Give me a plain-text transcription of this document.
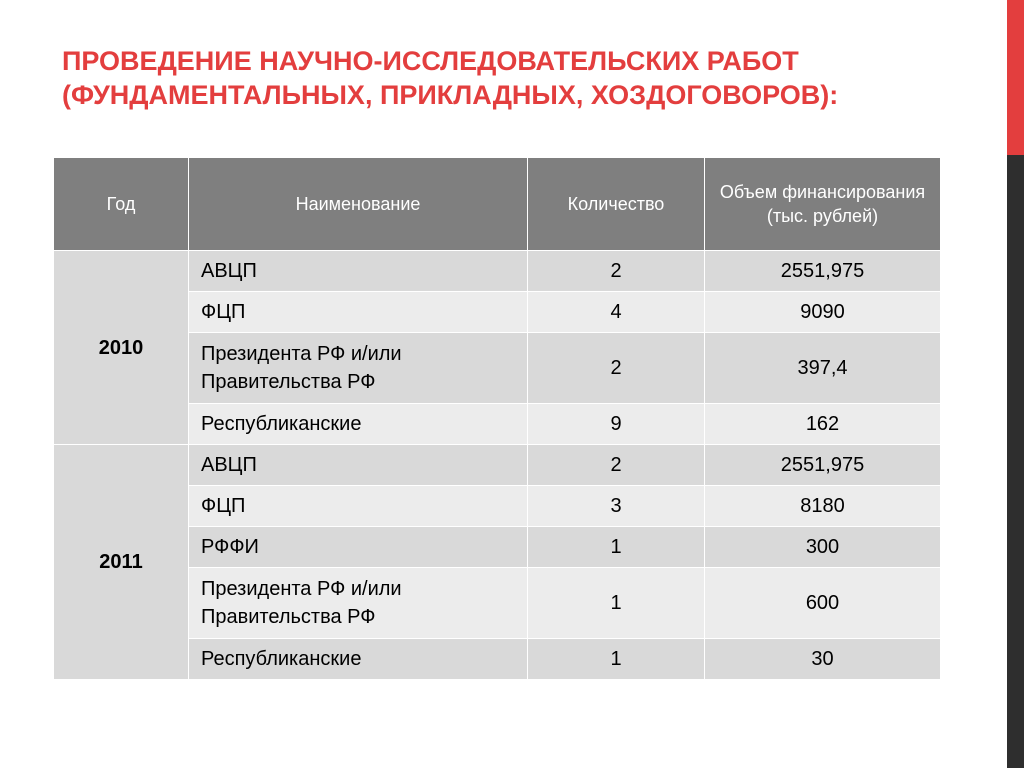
ПРОВЕДЕНИЕ НАУЧНО-ИССЛЕДОВАТЕЛЬСКИХ РАБОТ
(ФУНДАМЕНТАЛЬНЫХ, ПРИКЛАДНЫХ, ХОЗДОГОВОРОВ):
Год	Наименование	Количество	Объем финансирования (тыс. рублей)
2010	АВЦП	2	2551,975
	ФЦП	4	9090
	Президента РФ и/или Правительства РФ	2	397,4
	Республиканские	9	162
2011	АВЦП	2	2551,975
	ФЦП	3	8180
	РФФИ	1	300
	Президента РФ и/или Правительства РФ	1	600
	Республиканские	1	30
